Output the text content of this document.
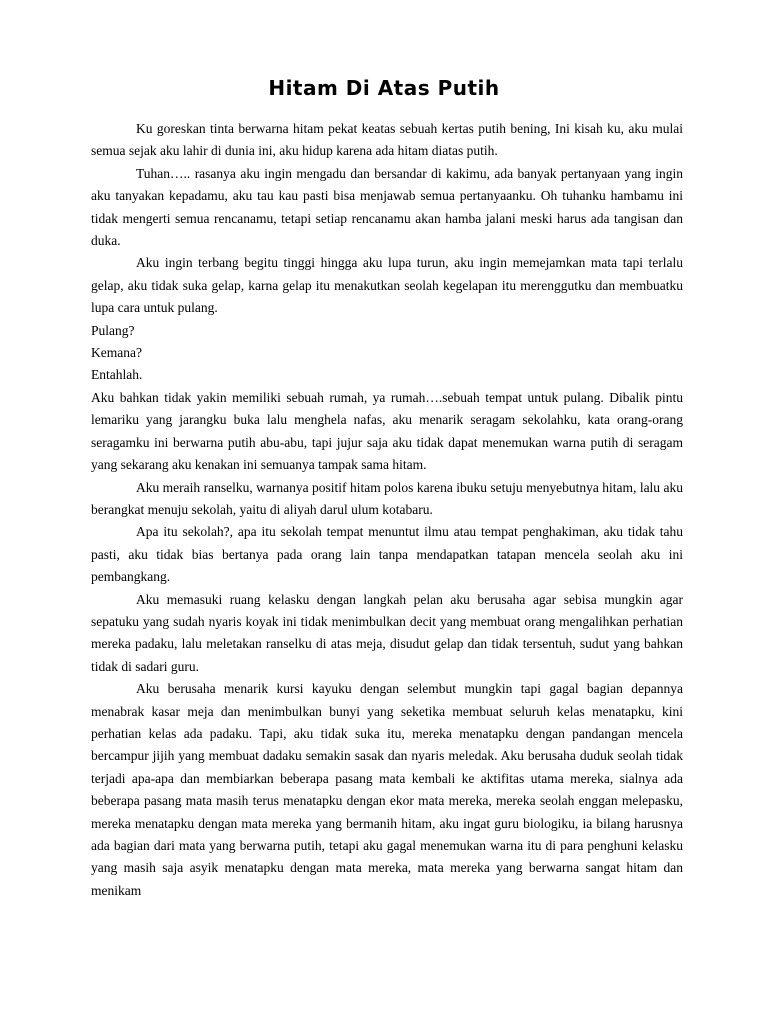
Hitam Di Atas Putih

Ku goreskan tinta berwarna hitam pekat keatas sebuah kertas putih bening, Ini kisah ku, aku mulai semua sejak aku lahir di dunia ini, aku hidup karena ada hitam diatas putih.

Tuhan….. rasanya aku ingin mengadu dan bersandar di kakimu, ada banyak pertanyaan yang ingin aku tanyakan kepadamu, aku tau kau pasti bisa menjawab semua pertanyaanku. Oh tuhanku hambamu ini tidak mengerti semua rencanamu, tetapi setiap rencanamu akan hamba jalani meski harus ada tangisan dan duka.

Aku ingin terbang begitu tinggi hingga aku lupa turun, aku ingin memejamkan mata tapi terlalu gelap, aku tidak suka gelap, karna gelap itu menakutkan seolah kegelapan itu merenggutku dan membuatku lupa cara untuk pulang.

Pulang?

Kemana?

Entahlah.

Aku bahkan tidak yakin memiliki sebuah rumah, ya rumah….sebuah tempat untuk pulang. Dibalik pintu lemariku yang jarangku buka lalu menghela nafas, aku menarik seragam sekolahku, kata orang-orang seragamku ini berwarna putih abu-abu, tapi jujur saja aku tidak dapat menemukan warna putih di seragam yang sekarang aku kenakan ini semuanya tampak sama hitam.

Aku meraih ranselku, warnanya positif hitam polos karena ibuku setuju menyebutnya hitam, lalu aku berangkat menuju sekolah, yaitu di aliyah darul ulum kotabaru.

Apa itu sekolah?, apa itu sekolah tempat menuntut ilmu atau tempat penghakiman, aku tidak tahu pasti, aku tidak bias bertanya pada orang lain tanpa mendapatkan tatapan mencela seolah aku ini pembangkang.

Aku memasuki ruang kelasku dengan langkah pelan aku berusaha agar sebisa mungkin agar sepatuku yang sudah nyaris koyak ini tidak menimbulkan decit yang membuat orang mengalihkan perhatian mereka padaku, lalu meletakan ranselku di atas meja, disudut gelap dan tidak tersentuh, sudut yang bahkan tidak di sadari guru.

Aku berusaha menarik kursi kayuku dengan selembut mungkin tapi gagal bagian depannya menabrak kasar meja dan menimbulkan bunyi yang seketika membuat seluruh kelas menatapku, kini perhatian kelas ada padaku. Tapi, aku tidak suka itu, mereka menatapku dengan pandangan mencela bercampur jijih yang membuat dadaku semakin sasak dan nyaris meledak. Aku berusaha duduk seolah tidak terjadi apa-apa dan membiarkan beberapa pasang mata kembali ke aktifitas utama mereka, sialnya ada beberapa pasang mata masih terus menatapku dengan ekor mata mereka, mereka seolah enggan melepasku, mereka menatapku dengan mata mereka yang bermanih hitam, aku ingat guru biologiku, ia bilang harusnya ada bagian dari mata yang berwarna putih, tetapi aku gagal menemukan warna itu di para penghuni kelasku yang masih saja asyik menatapku dengan mata mereka, mata mereka yang berwarna sangat hitam dan menikam
